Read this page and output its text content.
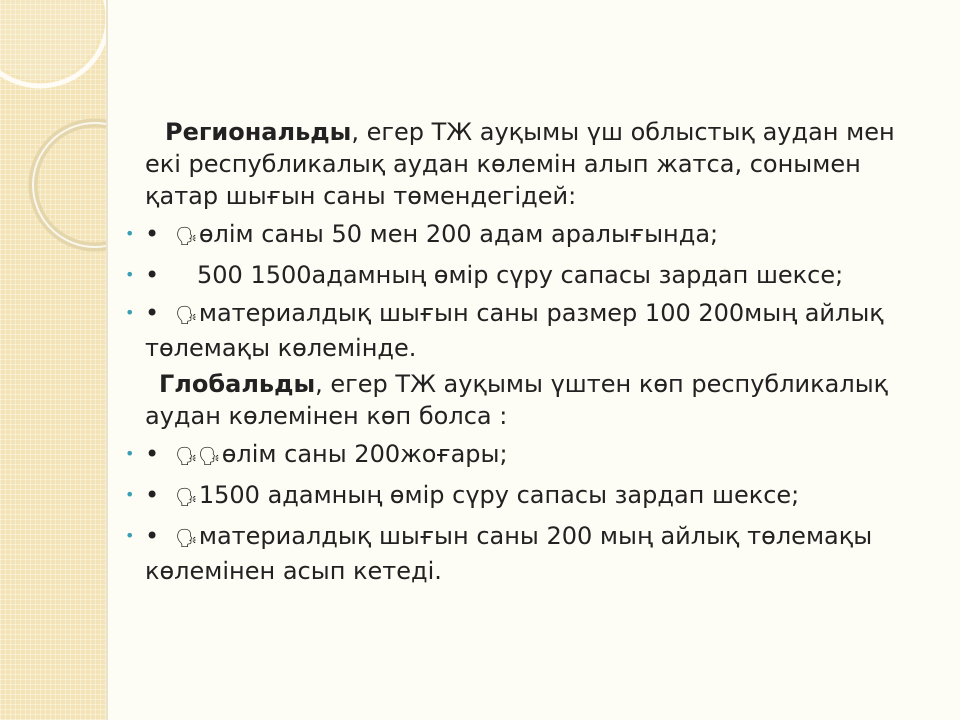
Региональды, егер ТЖ ауқымы үш облыстық аудан мен екі республикалық аудан көлемін алып жатса, сонымен қатар шығын саны төмендегідей:

• • 🗣өлім саны 50 мен 200 адам аралығында;
• • 500 1500адамның өмір сүру сапасы зардап шексе;
• • 🗣материалдық шығын саны размер 100 200мың айлық төлемақы көлемінде.

Глобальды, егер ТЖ ауқымы үштен көп республикалық аудан көлемінен көп болса :

• • 🗣🗣өлім саны 200жоғары;
• • 🗣1500 адамның өмір сүру сапасы зардап шексе;
• • 🗣материалдық шығын саны 200 мың айлық төлемақы көлемінен асып кетеді.
